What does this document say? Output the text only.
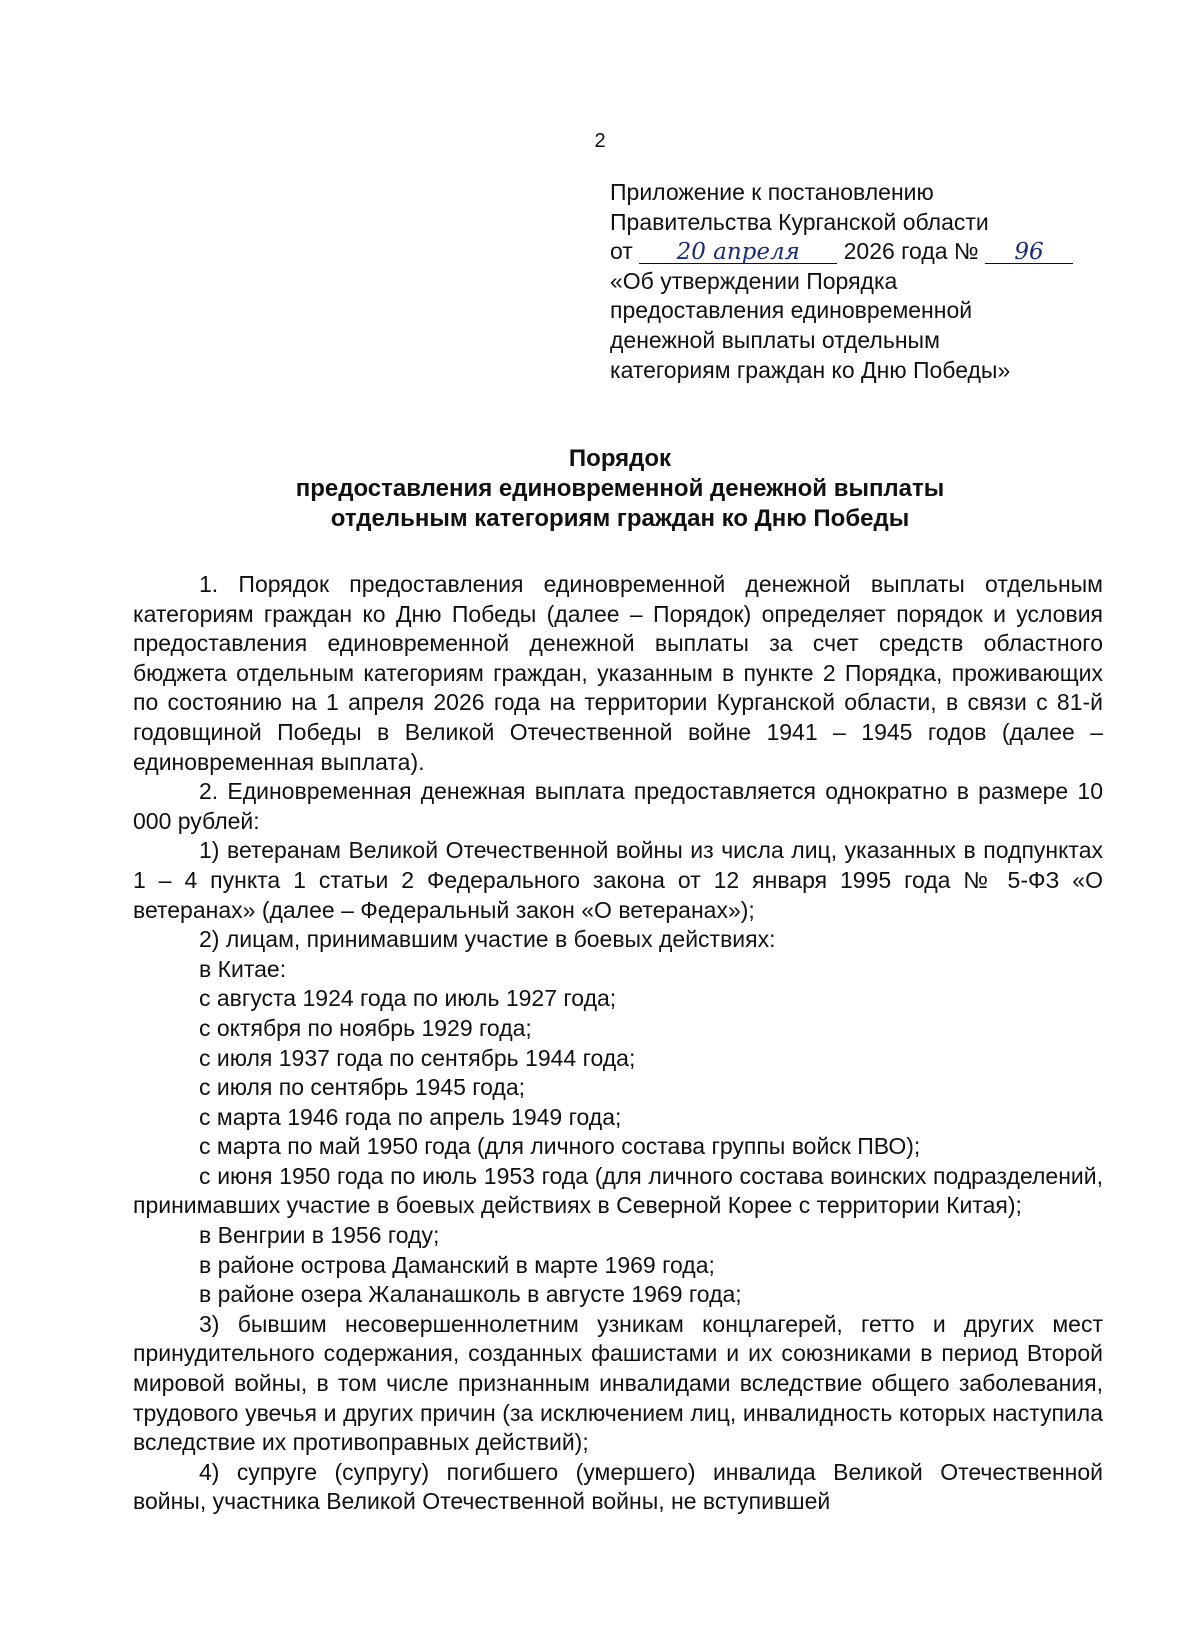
2
Приложение к постановлению
Правительства Курганской области
от 20 апреля 2026 года № 96
«Об утверждении Порядка
предоставления единовременной
денежной выплаты отдельным
категориям граждан ко Дню Победы»
Порядок
предоставления единовременной денежной выплаты
отдельным категориям граждан ко Дню Победы

1. Порядок предоставления единовременной денежной выплаты отдельным категориям граждан ко Дню Победы (далее – Порядок) определяет порядок и условия предоставления единовременной денежной выплаты за счет средств областного бюджета отдельным категориям граждан, указанным в пункте 2 Порядка, проживающих по состоянию на 1 апреля 2026 года на территории Курганской области, в связи с 81-й годовщиной Победы в Великой Отечественной войне 1941 – 1945 годов (далее – единовременная выплата).

2. Единовременная денежная выплата предоставляется однократно в размере 10 000 рублей:

1) ветеранам Великой Отечественной войны из числа лиц, указанных в подпунктах 1 – 4 пункта 1 статьи 2 Федерального закона от 12 января 1995 года № 5-ФЗ «О ветеранах» (далее – Федеральный закон «О ветеранах»);

2) лицам, принимавшим участие в боевых действиях:

в Китае:

с августа 1924 года по июль 1927 года;

с октября по ноябрь 1929 года;

с июля 1937 года по сентябрь 1944 года;

с июля по сентябрь 1945 года;

с марта 1946 года по апрель 1949 года;

с марта по май 1950 года (для личного состава группы войск ПВО);

с июня 1950 года по июль 1953 года (для личного состава воинских подразделений, принимавших участие в боевых действиях в Северной Корее с территории Китая);

в Венгрии в 1956 году;

в районе острова Даманский в марте 1969 года;

в районе озера Жаланашколь в августе 1969 года;

3) бывшим несовершеннолетним узникам концлагерей, гетто и других мест принудительного содержания, созданных фашистами и их союзниками в период Второй мировой войны, в том числе признанным инвалидами вследствие общего заболевания, трудового увечья и других причин (за исключением лиц, инвалидность которых наступила вследствие их противоправных действий);

4) супруге (супругу) погибшего (умершего) инвалида Великой Отечественной войны, участника Великой Отечественной войны, не вступившей
